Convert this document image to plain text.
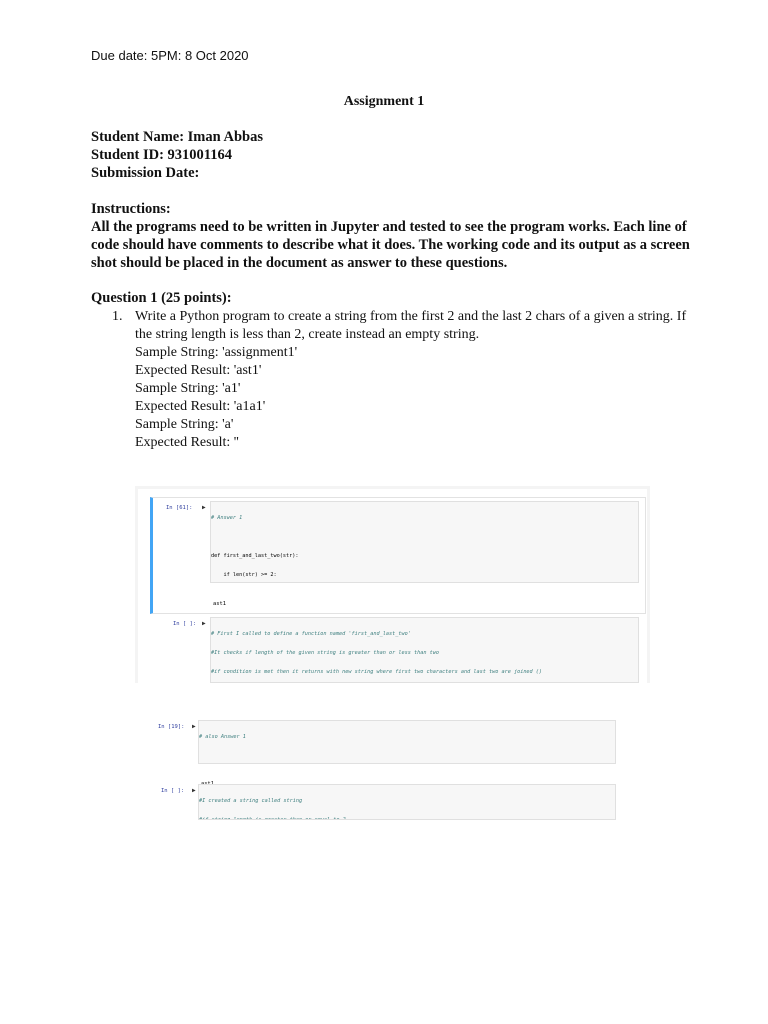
Due date: 5PM: 8 Oct 2020
Assignment 1
Student Name: Iman Abbas
Student ID: 931001164
Submission Date:
Instructions:
All the programs need to be written in Jupyter and tested to see the program works. Each line of code should have comments to describe what it does. The working code and its output as a screen shot should be placed in the document as answer to these questions.
Question 1 (25 points):
1. Write a Python program to create a string from the first 2 and the last 2 chars of a given a string. If the string length is less than 2, create instead an empty string.
Sample String: 'assignment1'
Expected Result: 'ast1'
Sample String: 'a1'
Expected Result: 'a1a1'
Sample String: 'a'
Expected Result: ''
In [61]: ▶

# Answer 1

def first_and_last_two(str):

if len(str) >= 2:

ast1

In [ ]: ▶

# First I called to define a function named 'first_and_last_two'

#It checks if length of the given string is greater than or less than two

#if condition is met then it returns with new string where first two characters and last two are joined ()

In [19]: ▶

# also Answer 1

In [ ]: ▶

#I created a string called string
